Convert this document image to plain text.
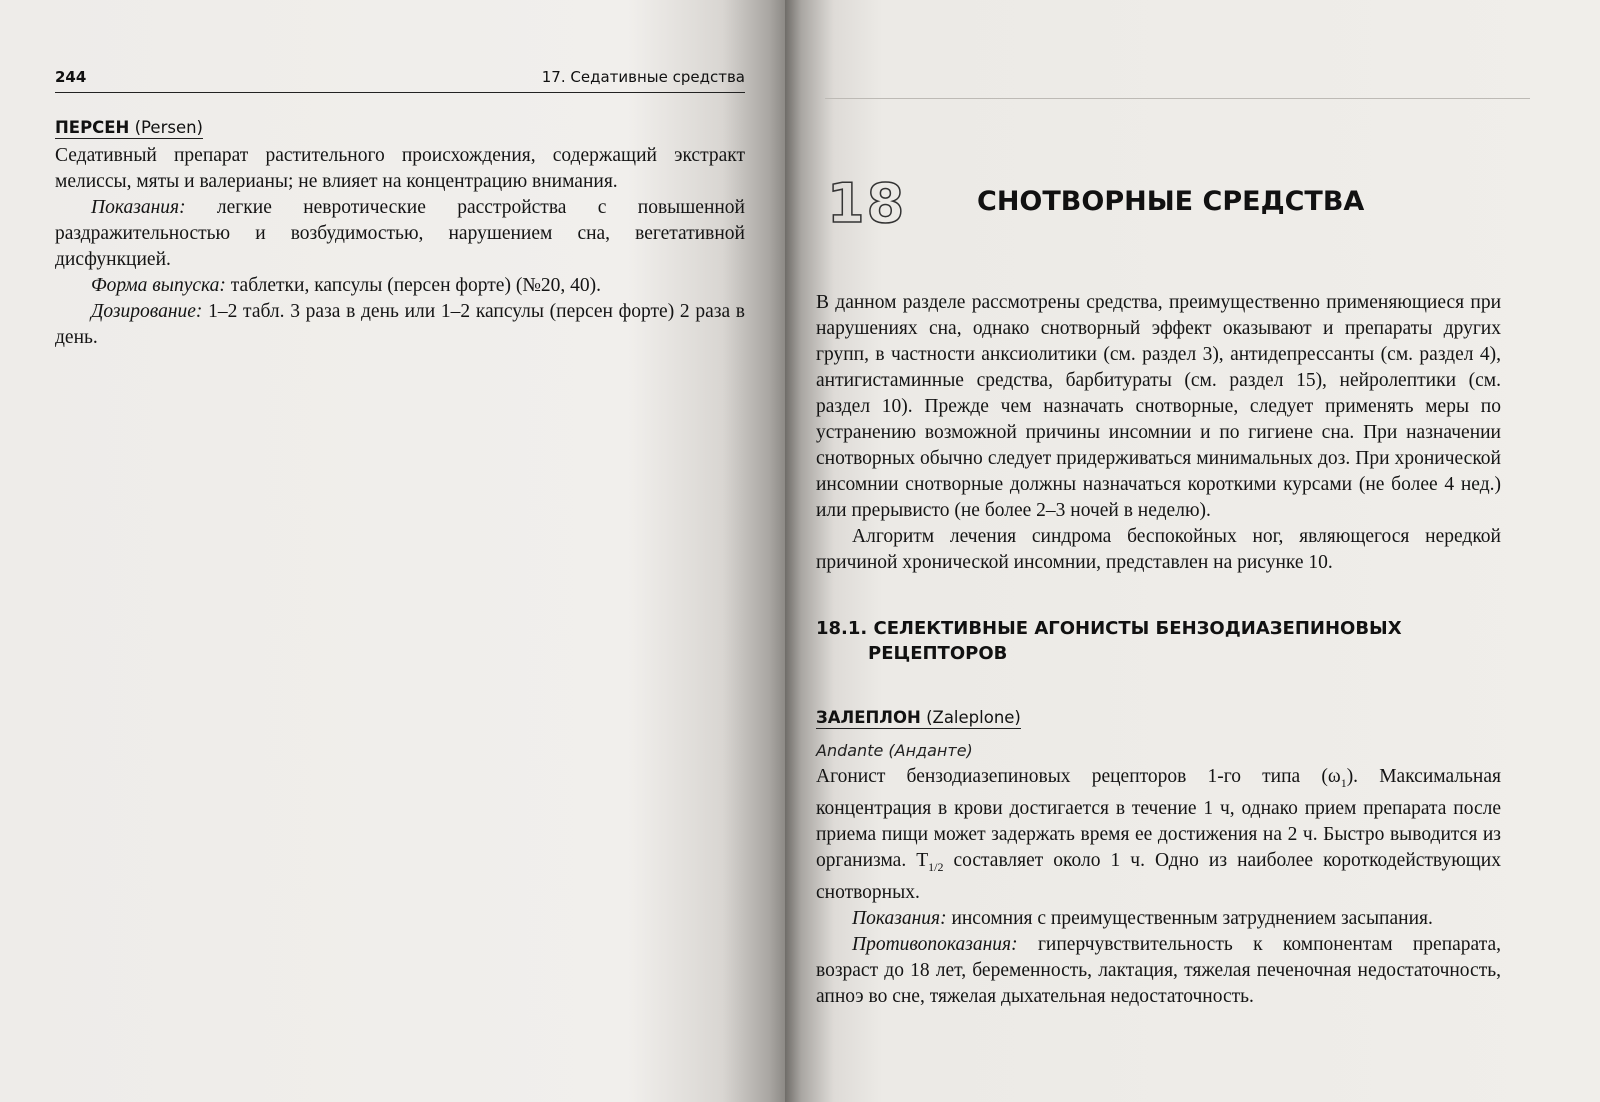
244	17. Седативные средства
ПЕРСЕН (Persen)

Седативный препарат растительного происхождения, содержащий экстракт мелиссы, мяты и валерианы; не влияет на концентрацию внимания.

Показания: легкие невротические расстройства с повышенной раздражительностью и возбудимостью, нарушением сна, вегетативной дисфункцией.

Форма выпуска: таблетки, капсулы (персен форте) (№20, 40).

Дозирование: 1–2 табл. 3 раза в день или 1–2 капсулы (персен форте) 2 раза в день.

18	СНОТВОРНЫЕ СРЕДСТВА

В данном разделе рассмотрены средства, преимущественно применяющиеся при нарушениях сна, однако снотворный эффект оказывают и препараты других групп, в частности анксиолитики (см. раздел 3), антидепрессанты (см. раздел 4), антигистаминные средства, барбитураты (см. раздел 15), нейролептики (см. раздел 10). Прежде чем назначать снотворные, следует применять меры по устранению возможной причины инсомнии и по гигиене сна. При назначении снотворных обычно следует придерживаться минимальных доз. При хронической инсомнии снотворные должны назначаться короткими курсами (не более 4 нед.) или прерывисто (не более 2–3 ночей в неделю).

Алгоритм лечения синдрома беспокойных ног, являющегося нередкой причиной хронической инсомнии, представлен на рисунке 10.

18.1. СЕЛЕКТИВНЫЕ АГОНИСТЫ БЕНЗОДИАЗЕПИНОВЫХ
РЕЦЕПТОРОВ
ЗАЛЕПЛОН (Zaleplone)
Andante (Анданте)

Агонист бензодиазепиновых рецепторов 1-го типа $(\omega_1)$. Максимальная концентрация в крови достигается в течение 1 ч, однако прием препарата после приема пищи может задержать время ее достижения на 2 ч. Быстро выводится из организма. $T_{1/2}$ составляет около 1 ч. Одно из наиболее короткодействующих снотворных.

Показания: инсомния с преимущественным затруднением засыпания.

Противопоказания: гиперчувствительность к компонентам препарата, возраст до 18 лет, беременность, лактация, тяжелая печеночная недостаточность, апноэ во сне, тяжелая дыхательная недостаточность.
